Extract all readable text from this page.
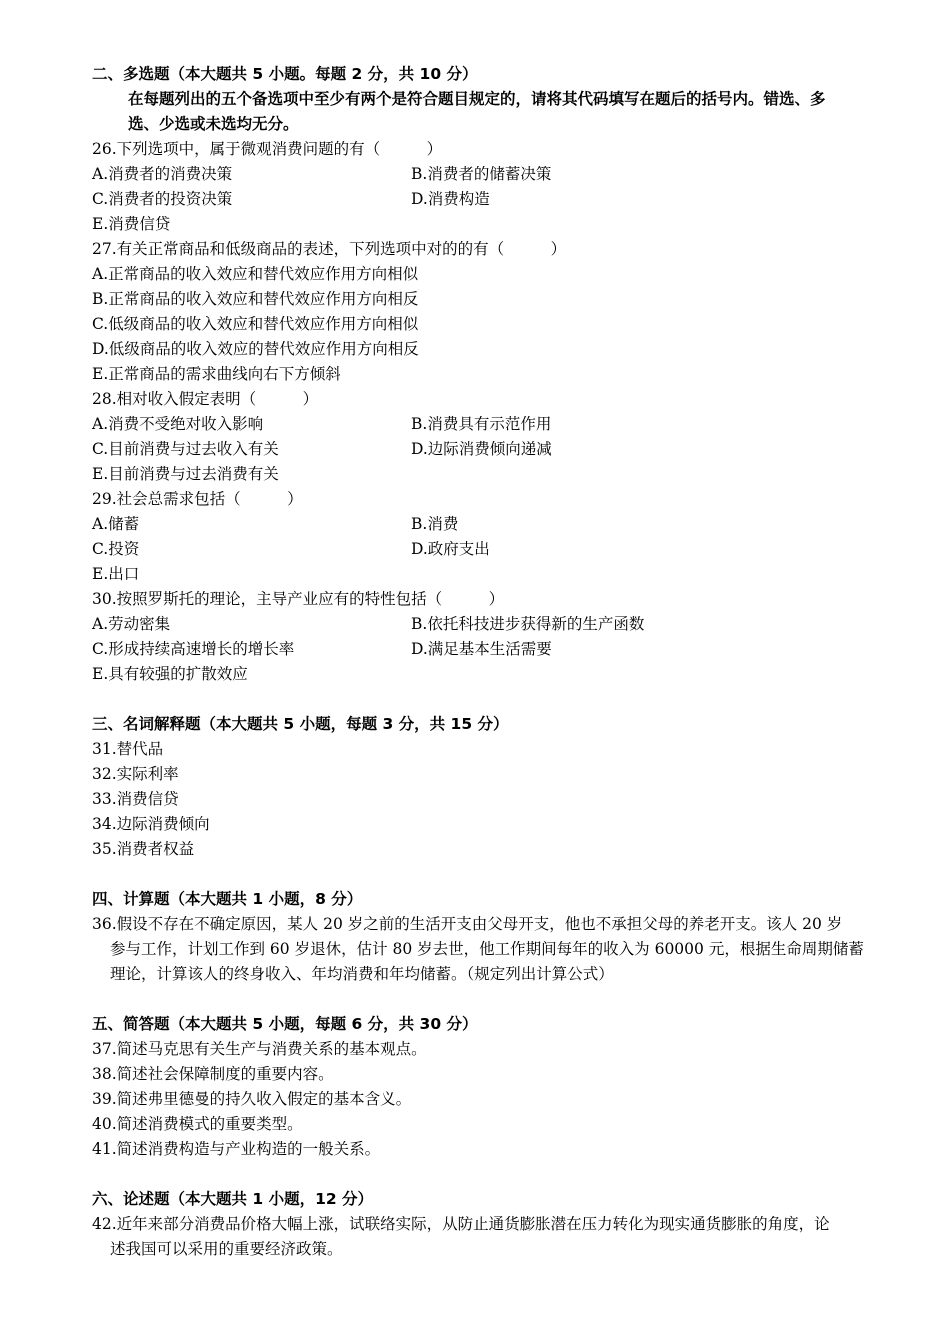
二、多选题（本大题共 5 小题。每题 2 分，共 10 分）
在每题列出的五个备选项中至少有两个是符合题目规定的，请将其代码填写在题后的括号内。错选、多
选、少选或未选均无分。
26.下列选项中，属于微观消费问题的有（　　　）
A.消费者的消费决策	B.消费者的储蓄决策
C.消费者的投资决策	D.消费构造
E.消费信贷
27.有关正常商品和低级商品的表述，下列选项中对的的有（　　　）
A.正常商品的收入效应和替代效应作用方向相似
B.正常商品的收入效应和替代效应作用方向相反
C.低级商品的收入效应和替代效应作用方向相似
D.低级商品的收入效应的替代效应作用方向相反
E.正常商品的需求曲线向右下方倾斜
28.相对收入假定表明（　　　）
A.消费不受绝对收入影响	B.消费具有示范作用
C.目前消费与过去收入有关	D.边际消费倾向递减
E.目前消费与过去消费有关
29.社会总需求包括（　　　）
A.储蓄	B.消费
C.投资	D.政府支出
E.出口
30.按照罗斯托的理论，主导产业应有的特性包括（　　　）
A.劳动密集	B.依托科技进步获得新的生产函数
C.形成持续高速增长的增长率	D.满足基本生活需要
E.具有较强的扩散效应
三、名词解释题（本大题共 5 小题，每题 3 分，共 15 分）
31.替代品
32.实际利率
33.消费信贷
34.边际消费倾向
35.消费者权益
四、计算题（本大题共 1 小题，8 分）
36.假设不存在不确定原因，某人 20 岁之前的生活开支由父母开支，他也不承担父母的养老开支。该人 20 岁
参与工作，计划工作到 60 岁退休，估计 80 岁去世，他工作期间每年的收入为 60000 元，根据生命周期储蓄
理论，计算该人的终身收入、年均消费和年均储蓄。（规定列出计算公式）
五、简答题（本大题共 5 小题，每题 6 分，共 30 分）
37.简述马克思有关生产与消费关系的基本观点。
38.简述社会保障制度的重要内容。
39.简述弗里德曼的持久收入假定的基本含义。
40.简述消费模式的重要类型。
41.简述消费构造与产业构造的一般关系。
六、论述题（本大题共 1 小题，12 分）
42.近年来部分消费品价格大幅上涨，试联络实际，从防止通货膨胀潜在压力转化为现实通货膨胀的角度，论
述我国可以采用的重要经济政策。
